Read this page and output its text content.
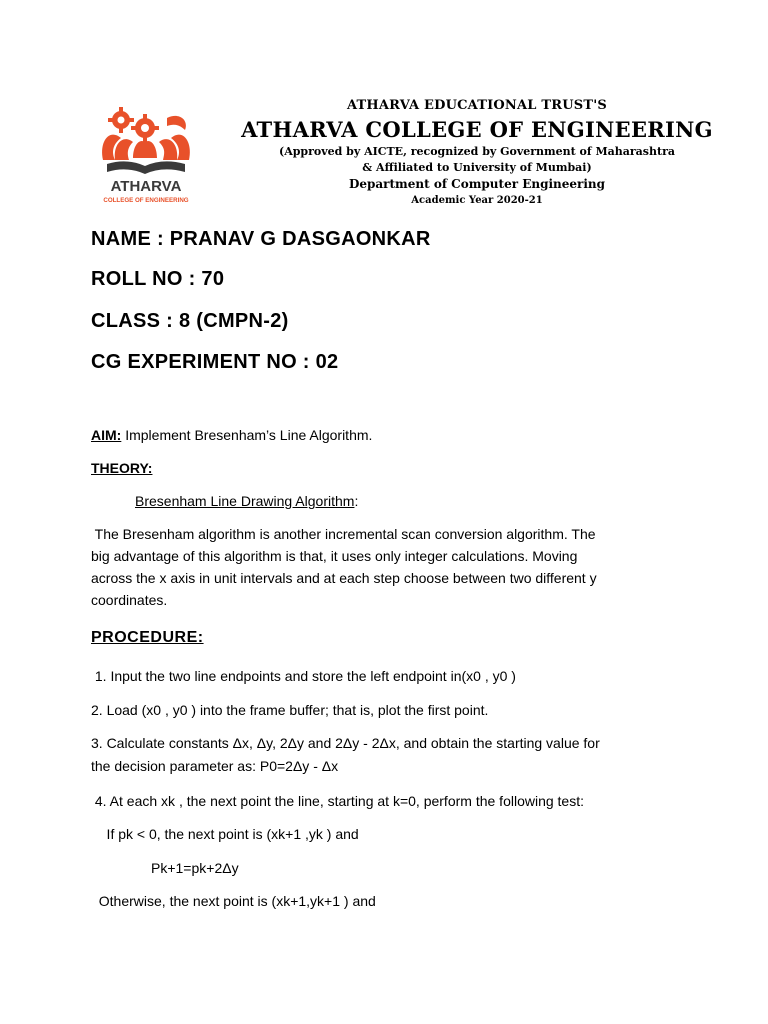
ATHARVA
COLLEGE OF ENGINEERING
ATHARVA EDUCATIONAL TRUST'S
ATHARVA COLLEGE OF ENGINEERING
(Approved by AICTE, recognized by Government of Maharashtra
& Affiliated to University of Mumbai)
Department of Computer Engineering
Academic Year 2020-21
NAME : PRANAV G DASGAONKAR
ROLL NO : 70
CLASS : 8 (CMPN-2)
CG EXPERIMENT NO : 02
AIM: Implement Bresenham’s Line Algorithm.
THEORY:
Bresenham Line Drawing Algorithm:
The Bresenham algorithm is another incremental scan conversion algorithm. The
big advantage of this algorithm is that, it uses only integer calculations. Moving
across the x axis in unit intervals and at each step choose between two different y
coordinates.
PROCEDURE:
1. Input the two line endpoints and store the left endpoint in(x0 , y0 )
2. Load (x0 , y0 ) into the frame buffer; that is, plot the first point.
3. Calculate constants Δx, Δy, 2Δy and 2Δy - 2Δx, and obtain the starting value for
the decision parameter as: P0=2Δy - Δx
4. At each xk , the next point the line, starting at k=0, perform the following test:
If pk < 0, the next point is (xk+1 ,yk ) and
Pk+1=pk+2Δy
Otherwise, the next point is (xk+1,yk+1 ) and
